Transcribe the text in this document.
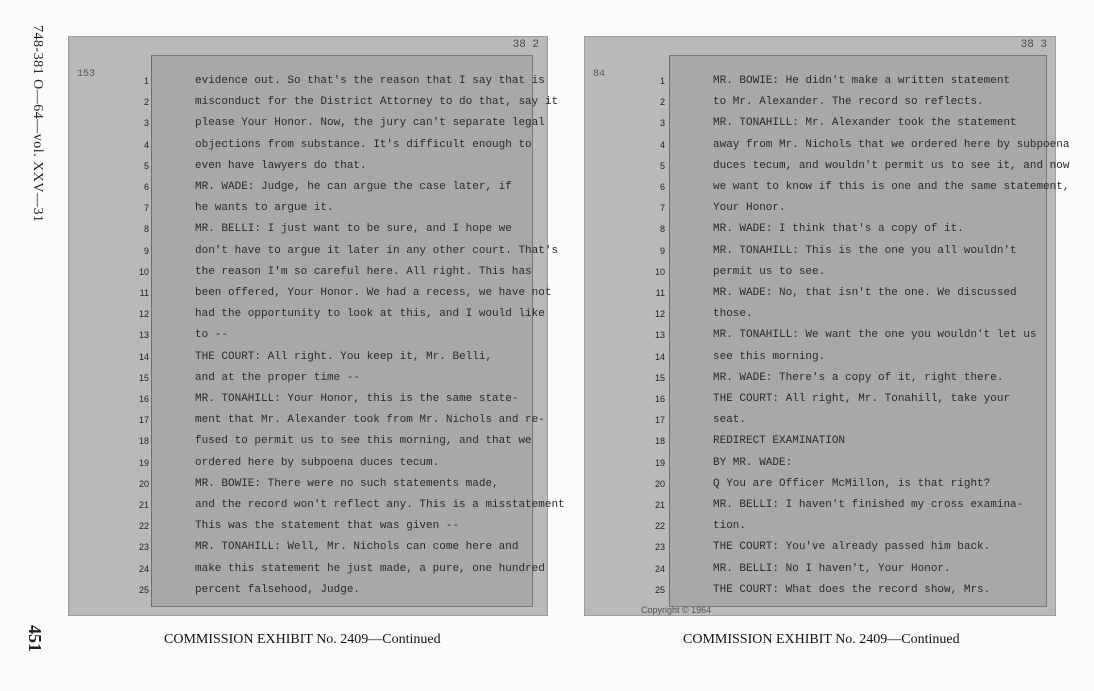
748-381 O—64—vol. XXV—31
451
38 2
153
evidence out. So that's the reason that I say that is
misconduct for the District Attorney to do that, say it
please Your Honor. Now, the jury can't separate legal
objections from substance. It's difficult enough to
even have lawyers do that.
MR. WADE: Judge, he can argue the case later, if
he wants to argue it.
MR. BELLI: I just want to be sure, and I hope we
don't have to argue it later in any other court. That's
the reason I'm so careful here. All right. This has
been offered, Your Honor. We had a recess, we have not
had the opportunity to look at this, and I would like
to --
THE COURT: All right. You keep it, Mr. Belli,
and at the proper time --
MR. TONAHILL: Your Honor, this is the same state-
ment that Mr. Alexander took from Mr. Nichols and re-
fused to permit us to see this morning, and that we
ordered here by subpoena duces tecum.
MR. BOWIE: There were no such statements made,
and the record won't reflect any. This is a misstatement
This was the statement that was given --
MR. TONAHILL: Well, Mr. Nichols can come here and
make this statement he just made, a pure, one hundred
percent falsehood, Judge.
1
2
3
4
5
6
7
8
9
10
11
12
13
14
15
16
17
18
19
20
21
22
23
24
25
38 3
84
MR. BOWIE: He didn't make a written statement
to Mr. Alexander. The record so reflects.
MR. TONAHILL: Mr. Alexander took the statement
away from Mr. Nichols that we ordered here by subpoena
duces tecum, and wouldn't permit us to see it, and now
we want to know if this is one and the same statement,
Your Honor.
MR. WADE: I think that's a copy of it.
MR. TONAHILL: This is the one you all wouldn't
permit us to see.
MR. WADE: No, that isn't the one. We discussed
those.
MR. TONAHILL: We want the one you wouldn't let us
see this morning.
MR. WADE: There's a copy of it, right there.
THE COURT: All right, Mr. Tonahill, take your
seat.
REDIRECT EXAMINATION
BY MR. WADE:
Q You are Officer McMillon, is that right?
MR. BELLI: I haven't finished my cross examina-
tion.
THE COURT: You've already passed him back.
MR. BELLI: No I haven't, Your Honor.
THE COURT: What does the record show, Mrs.
Copyright © 1964
1
2
3
4
5
6
7
8
9
10
11
12
13
14
15
16
17
18
19
20
21
22
23
24
25
COMMISSION EXHIBIT No. 2409—Continued	COMMISSION EXHIBIT No. 2409—Continued
